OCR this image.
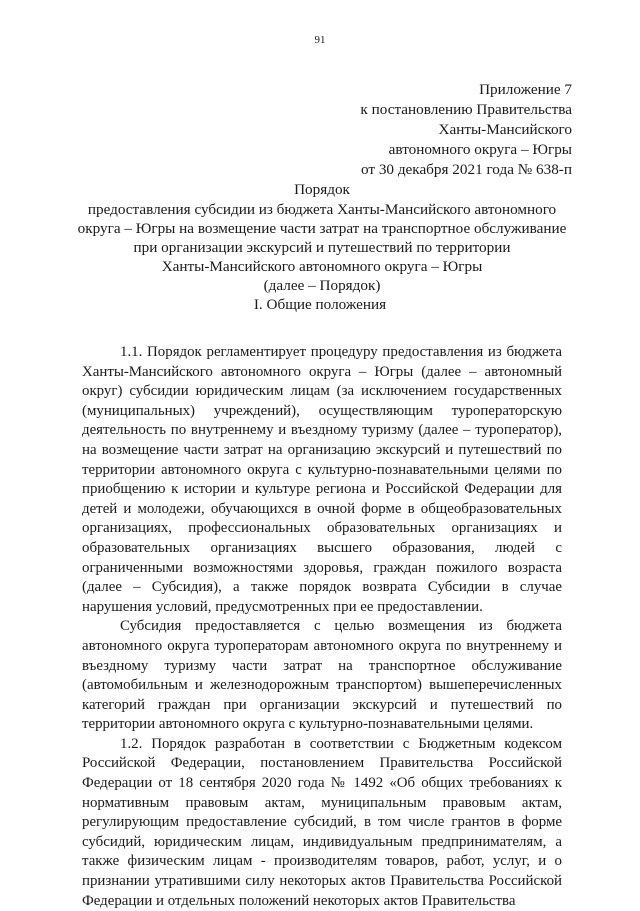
91
Приложение 7
к постановлению Правительства
Ханты-Мансийского
автономного округа – Югры
от 30 декабря 2021 года № 638-п
Порядок
предоставления субсидии из бюджета Ханты-Мансийского автономного
округа – Югры на возмещение части затрат на транспортное обслуживание
при организации экскурсий и путешествий по территории
Ханты-Мансийского автономного округа – Югры
(далее – Порядок)
I. Общие положения

1.1. Порядок регламентирует процедуру предоставления из бюджета Ханты-Мансийского автономного округа – Югры (далее – автономный округ) субсидии юридическим лицам (за исключением государственных (муниципальных) учреждений), осуществляющим туроператорскую деятельность по внутреннему и въездному туризму (далее – туроператор), на возмещение части затрат на организацию экскурсий и путешествий по территории автономного округа с культурно-познавательными целями по приобщению к истории и культуре региона и Российской Федерации для детей и молодежи, обучающихся в очной форме в общеобразовательных организациях, профессиональных образовательных организациях и образовательных организациях высшего образования, людей с ограниченными возможностями здоровья, граждан пожилого возраста (далее – Субсидия), а также порядок возврата Субсидии в случае нарушения условий, предусмотренных при ее предоставлении.

Субсидия предоставляется с целью возмещения из бюджета автономного округа туроператорам автономного округа по внутреннему и въездному туризму части затрат на транспортное обслуживание (автомобильным и железнодорожным транспортом) вышеперечисленных категорий граждан при организации экскурсий и путешествий по территории автономного округа с культурно-познавательными целями.

1.2. Порядок разработан в соответствии с Бюджетным кодексом Российской Федерации, постановлением Правительства Российской Федерации от 18 сентября 2020 года № 1492 «Об общих требованиях к нормативным правовым актам, муниципальным правовым актам, регулирующим предоставление субсидий, в том числе грантов в форме субсидий, юридическим лицам, индивидуальным предпринимателям, а также физическим лицам - производителям товаров, работ, услуг, и о признании утратившими силу некоторых актов Правительства Российской Федерации и отдельных положений некоторых актов Правительства
